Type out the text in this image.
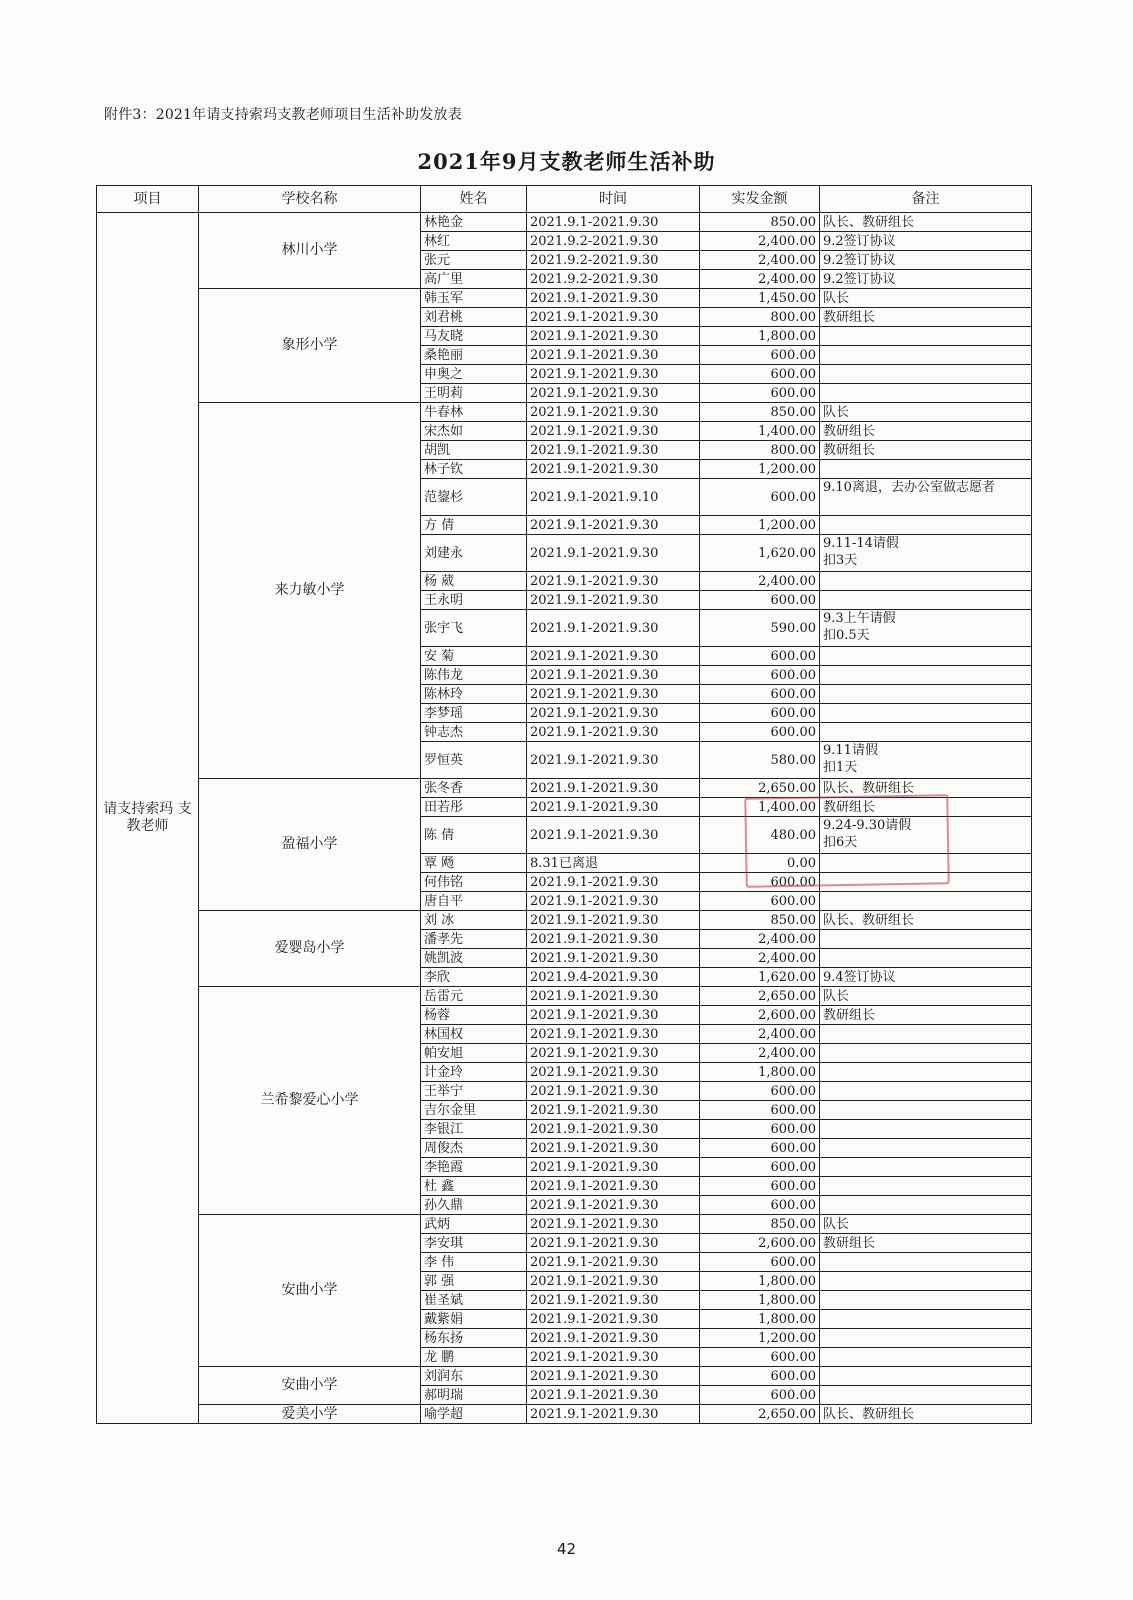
附件3：2021年请支持索玛支教老师项目生活补助发放表
2021年9月支教老师生活补助
项目	学校名称	姓名	时间	实发金额	备注
请支持索玛 支教老师	林川小学	林艳金	2021.9.1-2021.9.30	850.00	队长、教研组长
		林红	2021.9.2-2021.9.30	2,400.00	9.2签订协议
		张元	2021.9.2-2021.9.30	2,400.00	9.2签订协议
		高广里	2021.9.2-2021.9.30	2,400.00	9.2签订协议
	象形小学	韩玉军	2021.9.1-2021.9.30	1,450.00	队长
		刘君桃	2021.9.1-2021.9.30	800.00	教研组长
		马友晓	2021.9.1-2021.9.30	1,800.00	
		桑艳丽	2021.9.1-2021.9.30	600.00	
		申奥之	2021.9.1-2021.9.30	600.00	
		王明莉	2021.9.1-2021.9.30	600.00	
	来力敏小学	牛春林	2021.9.1-2021.9.30	850.00	队长
		宋杰如	2021.9.1-2021.9.30	1,400.00	教研组长
		胡凯	2021.9.1-2021.9.30	800.00	教研组长
		林子钦	2021.9.1-2021.9.30	1,200.00	
		范鋆杉	2021.9.1-2021.9.10	600.00	9.10离退，去办公室做志愿者
		方 倩	2021.9.1-2021.9.30	1,200.00	
		刘建永	2021.9.1-2021.9.30	1,620.00	9.11-14请假
扣3天
		杨 葳	2021.9.1-2021.9.30	2,400.00	
		王永明	2021.9.1-2021.9.30	600.00	
		张宇飞	2021.9.1-2021.9.30	590.00	9.3上午请假
扣0.5天
		安 菊	2021.9.1-2021.9.30	600.00	
		陈伟龙	2021.9.1-2021.9.30	600.00	
		陈林玲	2021.9.1-2021.9.30	600.00	
		李梦瑶	2021.9.1-2021.9.30	600.00	
		钟志杰	2021.9.1-2021.9.30	600.00	
		罗恒英	2021.9.1-2021.9.30	580.00	9.11请假
扣1天
	盈福小学	张冬香	2021.9.1-2021.9.30	2,650.00	队长、教研组长
		田若彤	2021.9.1-2021.9.30	1,400.00	教研组长
		陈 倩	2021.9.1-2021.9.30	480.00	9.24-9.30请假
扣6天
		覃 飏	8.31已离退	0.00	
		何伟铭	2021.9.1-2021.9.30	600.00	
		唐自平	2021.9.1-2021.9.30	600.00	
	爱婴岛小学	刘 冰	2021.9.1-2021.9.30	850.00	队长、教研组长
		潘孝先	2021.9.1-2021.9.30	2,400.00	
		姚凯波	2021.9.1-2021.9.30	2,400.00	
		李欣	2021.9.4-2021.9.30	1,620.00	9.4签订协议
	兰希黎爱心小学	岳雷元	2021.9.1-2021.9.30	2,650.00	队长
		杨蓉	2021.9.1-2021.9.30	2,600.00	教研组长
		林国权	2021.9.1-2021.9.30	2,400.00	
		帕安旭	2021.9.1-2021.9.30	2,400.00	
		计金玲	2021.9.1-2021.9.30	1,800.00	
		王举宁	2021.9.1-2021.9.30	600.00	
		吉尔金里	2021.9.1-2021.9.30	600.00	
		李银江	2021.9.1-2021.9.30	600.00	
		周俊杰	2021.9.1-2021.9.30	600.00	
		李艳霞	2021.9.1-2021.9.30	600.00	
		杜 鑫	2021.9.1-2021.9.30	600.00	
		孙久鼎	2021.9.1-2021.9.30	600.00	
	安曲小学	武炳	2021.9.1-2021.9.30	850.00	队长
		李安琪	2021.9.1-2021.9.30	2,600.00	教研组长
		李 伟	2021.9.1-2021.9.30	600.00	
		郭 强	2021.9.1-2021.9.30	1,800.00	
		崔圣斌	2021.9.1-2021.9.30	1,800.00	
		戴紫娟	2021.9.1-2021.9.30	1,800.00	
		杨东扬	2021.9.1-2021.9.30	1,200.00	
		龙 鹏	2021.9.1-2021.9.30	600.00	
	安曲小学	刘润东	2021.9.1-2021.9.30	600.00	
		郝明瑞	2021.9.1-2021.9.30	600.00	
	爱美小学	喻学超	2021.9.1-2021.9.30	2,650.00	队长、教研组长
42
